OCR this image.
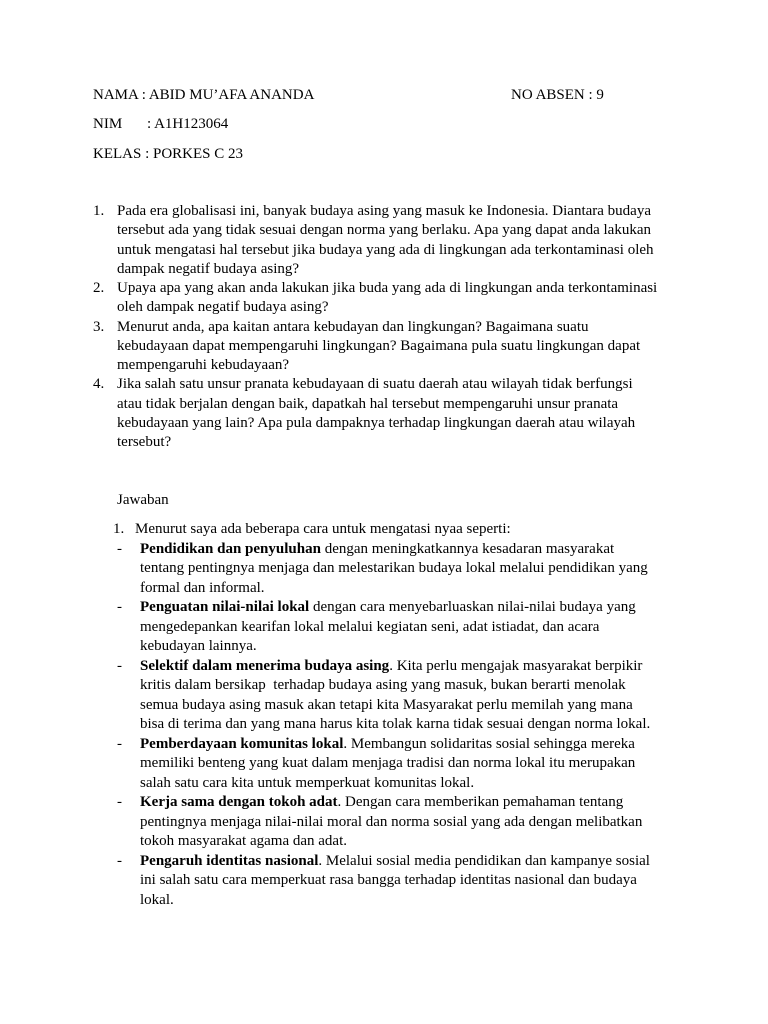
NAMA : ABID MU’AFA ANANDA	NO ABSEN : 9
NIM : A1H123064
KELAS : PORKES C 23
1. Pada era globalisasi ini, banyak budaya asing yang masuk ke Indonesia. Diantara budaya
tersebut ada yang tidak sesuai dengan norma yang berlaku. Apa yang dapat anda lakukan
untuk mengatasi hal tersebut jika budaya yang ada di lingkungan ada terkontaminasi oleh
dampak negatif budaya asing?
2. Upaya apa yang akan anda lakukan jika buda yang ada di lingkungan anda terkontaminasi
oleh dampak negatif budaya asing?
3. Menurut anda, apa kaitan antara kebudayan dan lingkungan? Bagaimana suatu
kebudayaan dapat mempengaruhi lingkungan? Bagaimana pula suatu lingkungan dapat
mempengaruhi kebudayaan?
4. Jika salah satu unsur pranata kebudayaan di suatu daerah atau wilayah tidak berfungsi
atau tidak berjalan dengan baik, dapatkah hal tersebut mempengaruhi unsur pranata
kebudayaan yang lain? Apa pula dampaknya terhadap lingkungan daerah atau wilayah
tersebut?
Jawaban
1. Menurut saya ada beberapa cara untuk mengatasi nyaa seperti:
-	Pendidikan dan penyuluhan dengan meningkatkannya kesadaran masyarakat
tentang pentingnya menjaga dan melestarikan budaya lokal melalui pendidikan yang
formal dan informal.
-	Penguatan nilai-nilai lokal dengan cara menyebarluaskan nilai-nilai budaya yang
mengedepankan kearifan lokal melalui kegiatan seni, adat istiadat, dan acara
kebudayan lainnya.
-	Selektif dalam menerima budaya asing. Kita perlu mengajak masyarakat berpikir
kritis dalam bersikap  terhadap budaya asing yang masuk, bukan berarti menolak
semua budaya asing masuk akan tetapi kita Masyarakat perlu memilah yang mana
bisa di terima dan yang mana harus kita tolak karna tidak sesuai dengan norma lokal.
-	Pemberdayaan komunitas lokal. Membangun solidaritas sosial sehingga mereka
memiliki benteng yang kuat dalam menjaga tradisi dan norma lokal itu merupakan
salah satu cara kita untuk memperkuat komunitas lokal.
-	Kerja sama dengan tokoh adat. Dengan cara memberikan pemahaman tentang
pentingnya menjaga nilai-nilai moral dan norma sosial yang ada dengan melibatkan
tokoh masyarakat agama dan adat.
-	Pengaruh identitas nasional. Melalui sosial media pendidikan dan kampanye sosial
ini salah satu cara memperkuat rasa bangga terhadap identitas nasional dan budaya
lokal.
